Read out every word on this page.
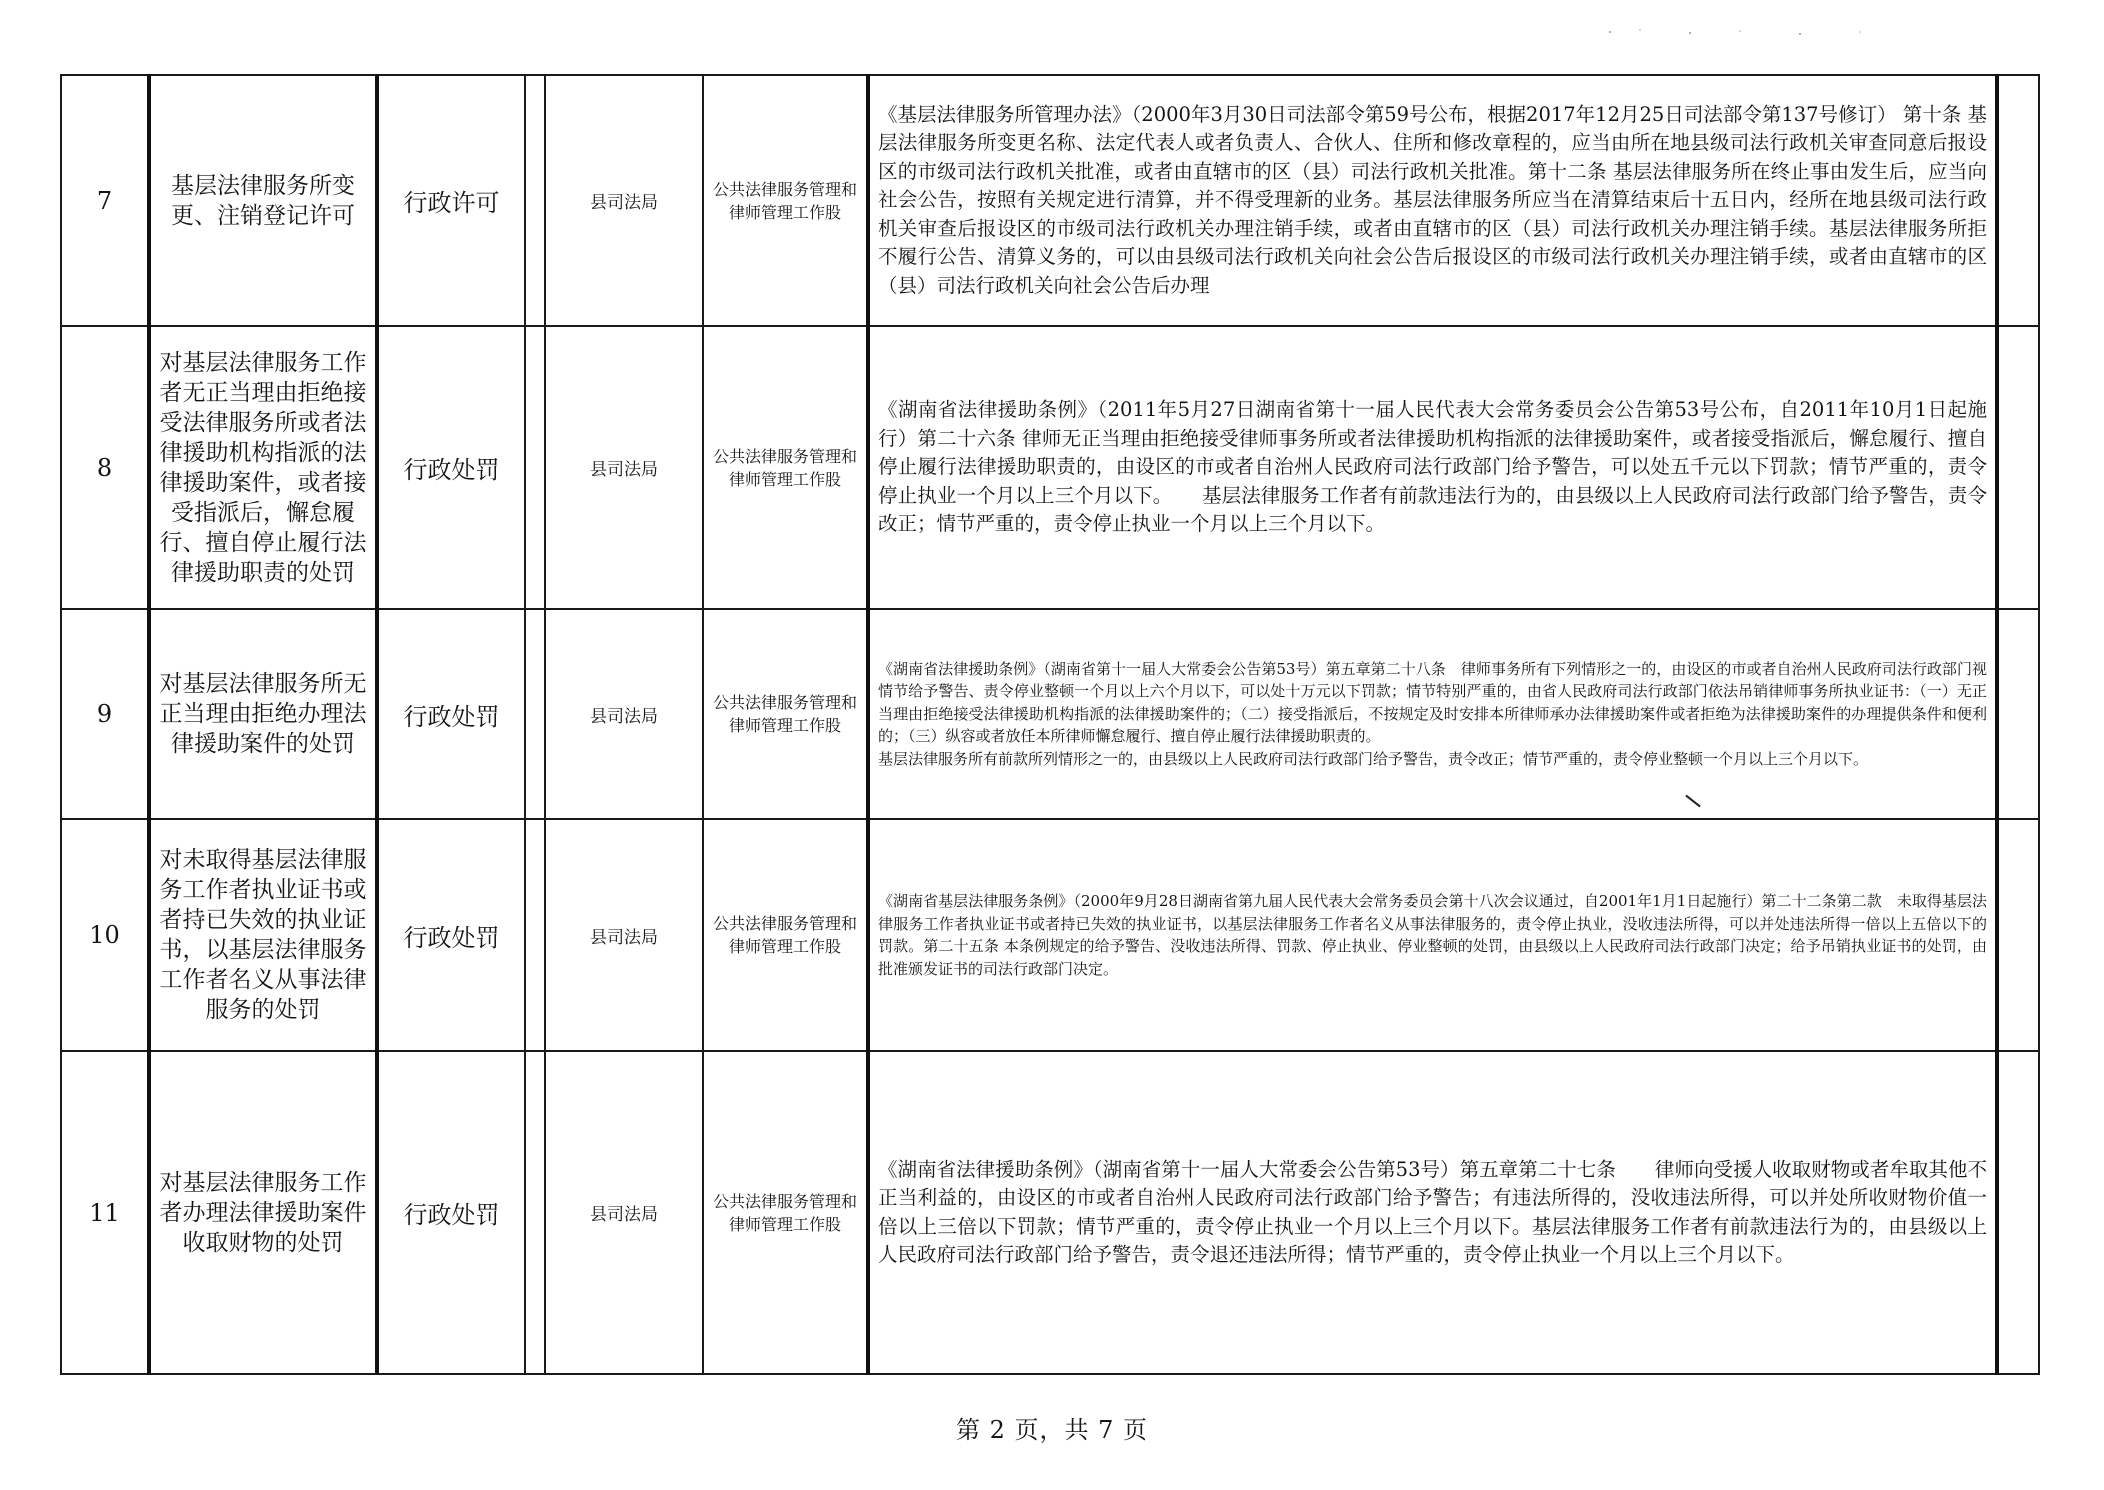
7	基层法律服务所变更、注销登记许可	行政许可		县司法局	公共法律服务管理和律师管理工作股	《基层法律服务所管理办法》（2000年3月30日司法部令第59号公布，根据2017年12月25日司法部令第137号修订） 第十条 基层法律服务所变更名称、法定代表人或者负责人、合伙人、住所和修改章程的，应当由所在地县级司法行政机关审查同意后报设区的市级司法行政机关批准，或者由直辖市的区（县）司法行政机关批准。第十二条 基层法律服务所在终止事由发生后，应当向社会公告，按照有关规定进行清算，并不得受理新的业务。基层法律服务所应当在清算结束后十五日内，经所在地县级司法行政机关审查后报设区的市级司法行政机关办理注销手续，或者由直辖市的区（县）司法行政机关办理注销手续。基层法律服务所拒不履行公告、清算义务的，可以由县级司法行政机关向社会公告后报设区的市级司法行政机关办理注销手续，或者由直辖市的区（县）司法行政机关向社会公告后办理	

8	对基层法律服务工作者无正当理由拒绝接受法律服务所或者法律援助机构指派的法律援助案件，或者接受指派后，懈怠履行、擅自停止履行法律援助职责的处罚	行政处罚		县司法局	公共法律服务管理和律师管理工作股	《湖南省法律援助条例》（2011年5月27日湖南省第十一届人民代表大会常务委员会公告第53号公布，自2011年10月1日起施行）第二十六条 律师无正当理由拒绝接受律师事务所或者法律援助机构指派的法律援助案件，或者接受指派后，懈怠履行、擅自停止履行法律援助职责的，由设区的市或者自治州人民政府司法行政部门给予警告，可以处五千元以下罚款；情节严重的，责令停止执业一个月以上三个月以下。　　基层法律服务工作者有前款违法行为的，由县级以上人民政府司法行政部门给予警告，责令改正；情节严重的，责令停止执业一个月以上三个月以下。	

9	对基层法律服务所无正当理由拒绝办理法律援助案件的处罚	行政处罚		县司法局	公共法律服务管理和律师管理工作股	《湖南省法律援助条例》（湖南省第十一届人大常委会公告第53号）第五章第二十八条　律师事务所有下列情形之一的，由设区的市或者自治州人民政府司法行政部门视情节给予警告、责令停业整顿一个月以上六个月以下，可以处十万元以下罚款；情节特别严重的，由省人民政府司法行政部门依法吊销律师事务所执业证书：（一）无正当理由拒绝接受法律援助机构指派的法律援助案件的；（二）接受指派后，不按规定及时安排本所律师承办法律援助案件或者拒绝为法律援助案件的办理提供条件和便利的；（三）纵容或者放任本所律师懈怠履行、擅自停止履行法律援助职责的。

基层法律服务所有前款所列情形之一的，由县级以上人民政府司法行政部门给予警告，责令改正；情节严重的，责令停业整顿一个月以上三个月以下。	

10	对未取得基层法律服务工作者执业证书或者持已失效的执业证书，以基层法律服务工作者名义从事法律服务的处罚	行政处罚		县司法局	公共法律服务管理和律师管理工作股	《湖南省基层法律服务条例》（2000年9月28日湖南省第九届人民代表大会常务委员会第十八次会议通过，自2001年1月1日起施行）第二十二条第二款　未取得基层法律服务工作者执业证书或者持已失效的执业证书，以基层法律服务工作者名义从事法律服务的，责令停止执业，没收违法所得，可以并处违法所得一倍以上五倍以下的罚款。第二十五条 本条例规定的给予警告、没收违法所得、罚款、停止执业、停业整顿的处罚，由县级以上人民政府司法行政部门决定；给予吊销执业证书的处罚，由批准颁发证书的司法行政部门决定。	

11	对基层法律服务工作者办理法律援助案件收取财物的处罚	行政处罚		县司法局	公共法律服务管理和律师管理工作股	《湖南省法律援助条例》（湖南省第十一届人大常委会公告第53号）第五章第二十七条　　律师向受援人收取财物或者牟取其他不正当利益的，由设区的市或者自治州人民政府司法行政部门给予警告；有违法所得的，没收违法所得，可以并处所收财物价值一倍以上三倍以下罚款；情节严重的，责令停止执业一个月以上三个月以下。基层法律服务工作者有前款违法行为的，由县级以上人民政府司法行政部门给予警告，责令退还违法所得；情节严重的，责令停止执业一个月以上三个月以下。	

第 2 页，共 7 页
